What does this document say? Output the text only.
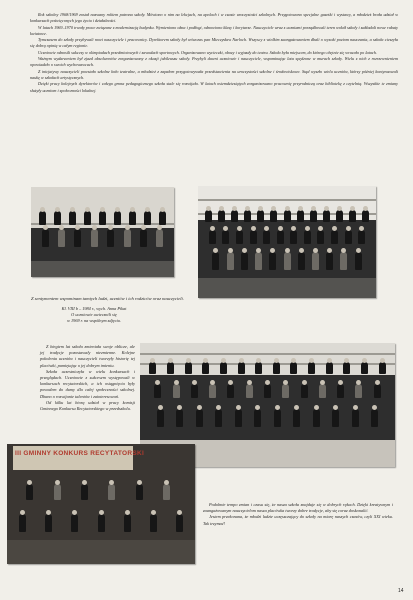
Rok szkolny 1968/1969 został nazwany rokiem patrona szkoły. Mówiono o nim na lekcjach, na apelach i w czasie uroczystości szkolnych. Przygotowano specjalne gazetki i wystawy, a młodzież brała udział w konkursach poświęconych jego życiu i działalności.

W latach 1969–1970 trwały prace związane z modernizacją budynku. Wymieniono okna i podłogi, odnowiono klasy i korytarze. Nauczyciele wraz z uczniami porządkowali teren wokół szkoły i zakładali nowe rabaty kwiatowe.

Tymczasem do szkoły przybywali nowi nauczyciele i pracownicy. Dyrektorem szkoły był wówczas pan Mieczysław Narloch. Wszyscy z wielkim zaangażowaniem dbali o wysoki poziom nauczania, a szkoła cieszyła się dobrą opinią w całym regionie.

Uczniowie odnosili sukcesy w olimpiadach przedmiotowych i zawodach sportowych. Organizowano wycieczki, obozy i wyjazdy do teatru. Szkoła była miejscem, do którego chętnie się wracało po latach.

Ważnym wydarzeniem był zjazd absolwentów zorganizowany z okazji jubileuszu szkoły. Przybyli dawni uczniowie i nauczyciele, wspominając lata spędzone w murach szkoły. Wielu z nich z rozrzewnieniem opowiadało o swoich wychowawcach.

Z inicjatywy nauczycieli powstało szkolne koło teatralne, a młodzież z zapałem przygotowywała przedstawienia na uroczystości szkolne i środowiskowe. Stąd wyszło wielu uczniów, którzy później kontynuowali naukę w szkołach artystycznych.

Dzięki pracy kolejnych dyrektorów i całego grona pedagogicznego szkoła stale się rozwijała. W latach osiemdziesiątych zorganizowano pracownię przyrodniczą oraz bibliotekę z czytelnią. Wszystkie te zmiany służyły uczniom i społeczności lokalnej.

Z sentymentem wspominam tamtych ludzi, uczniów i ich rodziców oraz nauczycieli.
Kl. VIII b – 1984 r., wych. Anna Pikat
O uczniowie uwiecznili się
w 1969 r. na wspólnym zdjęciu.

Z biegiem lat szkoła zmieniała swoje oblicze, ale jej tradycje pozostawały niezmienne. Kolejne pokolenia uczniów i nauczycieli tworzyły historię tej placówki, pamiętając o jej dobrym imieniu.

Szkoła uczestniczyła w wielu konkursach i przeglądach. Uczniowie z sukcesem występowali w konkursach recytatorskich, a ich osiągnięcia były powodem do dumy dla całej społeczności szkolnej. Dbano o rozwijanie talentów i zainteresowań.

Od kilku lat biorą udział w pracy komisji Gminnego Konkursu Recytatorskiego w przedszkolu.

III GMINNY KONKURS RECYTATORSKI

Podobnie tempo zmian i czasu się, że nasza szkoła znajduje się w dobrych rękach. Dzięki kreatywnym i zaangażowanym nauczycielom nasza placówka tworzy dobre tradycje, aby się coraz doskonalić.

Jestem przekonana, że młodzi ludzie uczęszczający do szkoły na miarę naszych czasów, czyli XXI wieku. Tak trzymać!

14
